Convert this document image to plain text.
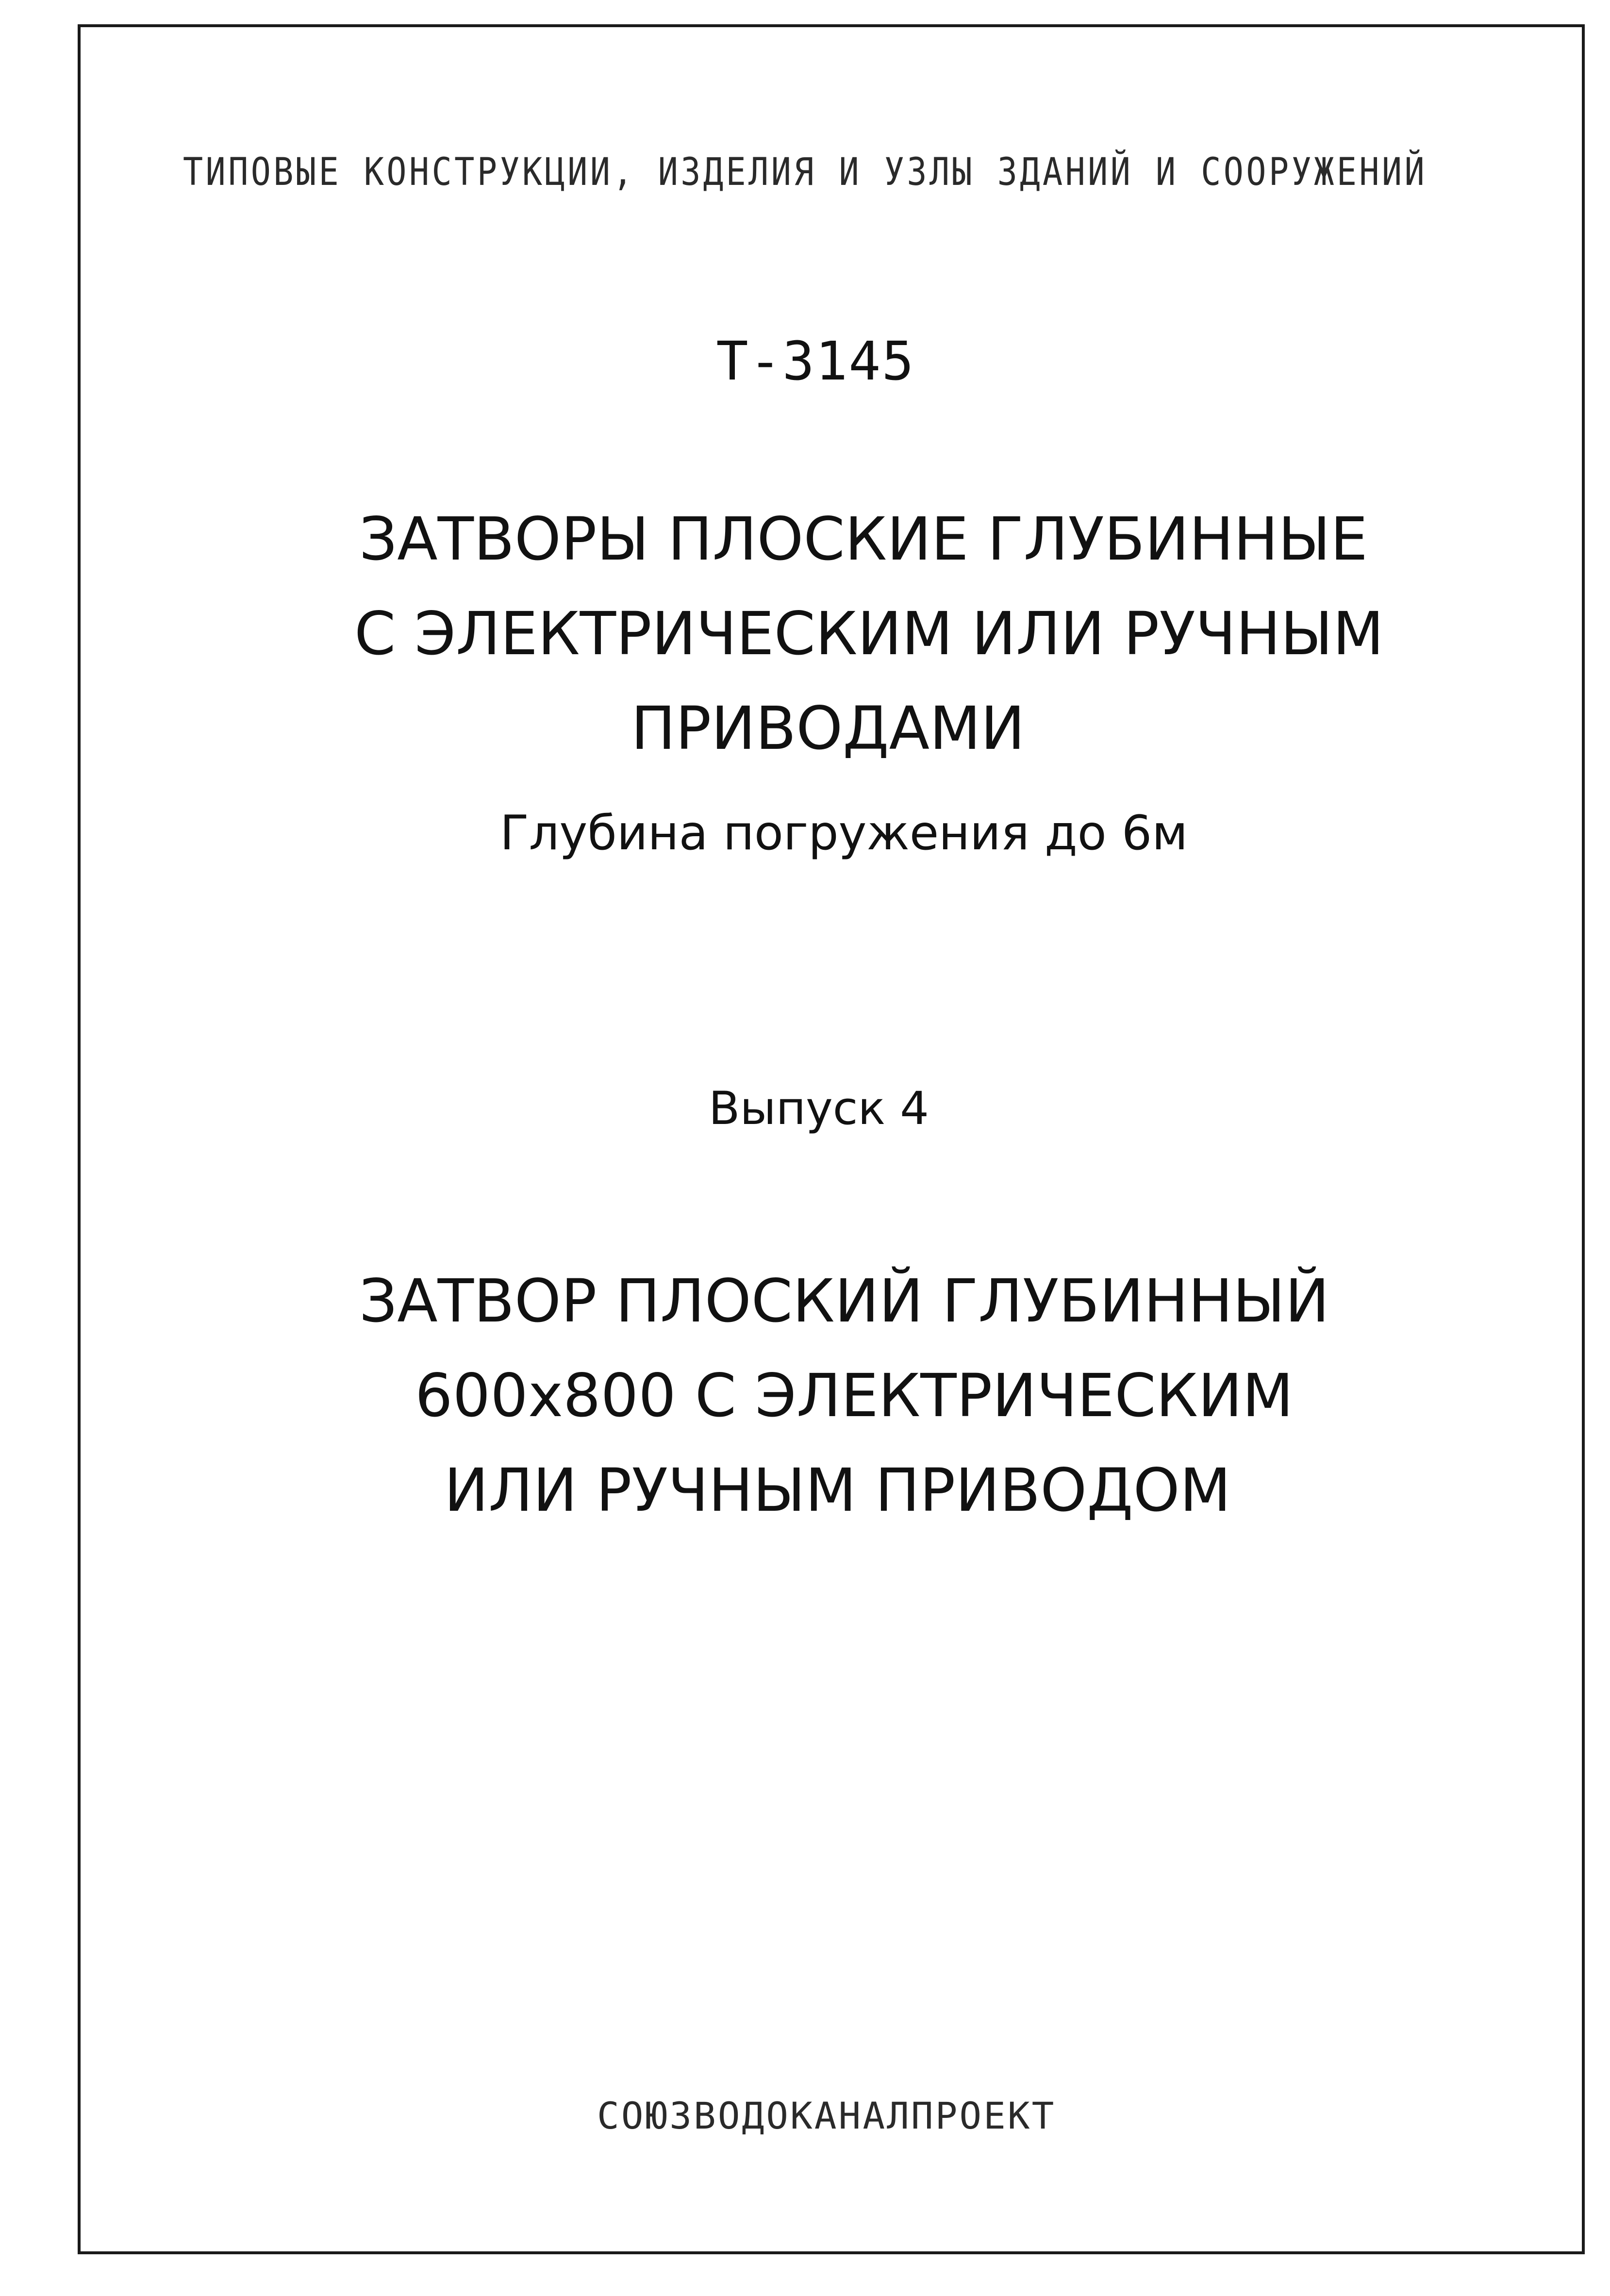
ТИПОВЫЕ КОНСТРУКЦИИ, ИЗДЕЛИЯ И УЗЛЫ ЗДАНИЙ И СООРУЖЕНИЙ
Т-3145
ЗАТВОРЫ ПЛОСКИЕ ГЛУБИННЫЕ
С ЭЛЕКТРИЧЕСКИМ ИЛИ РУЧНЫМ
ПРИВОДАМИ
Глубина погружения до 6м
Выпуск 4
ЗАТВОР ПЛОСКИЙ ГЛУБИННЫЙ
600х800 С ЭЛЕКТРИЧЕСКИМ
ИЛИ РУЧНЫМ ПРИВОДОМ
СОЮЗВОДОКАНАЛПРОЕКТ
